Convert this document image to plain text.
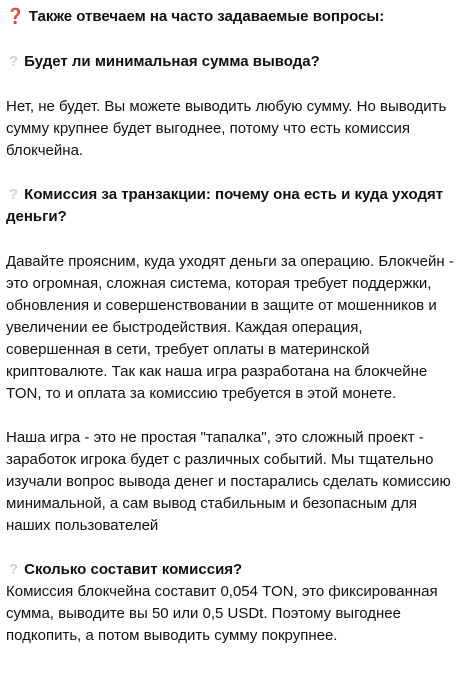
❓ Также отвечаем на часто задаваемые вопросы:

? Будет ли минимальная сумма вывода?

Нет, не будет. Вы можете выводить любую сумму. Но выводить сумму крупнее будет выгоднее, потому что есть комиссия блокчейна.

? Комиссия за транзакции: почему она есть и куда уходят деньги?

Давайте проясним, куда уходят деньги за операцию. Блокчейн - это огромная, сложная система, которая требует поддержки, обновления и совершенствовании в защите от мошенников и увеличении ее быстродействия. Каждая операция, совершенная в сети, требует оплаты в материнской криптовалюте. Так как наша игра разработана на блокчейне TON, то и оплата за комиссию требуется в этой монете.

Наша игра - это не простая "тапалка", это сложный проект - заработок игрока будет с различных событий. Мы тщательно изучали вопрос вывода денег и постарались сделать комиссию минимальной, а сам вывод стабильным и безопасным для наших пользователей

? Сколько составит комиссия?

Комиссия блокчейна составит 0,054 TON, это фиксированная сумма, выводите вы 50 или 0,5 USDt. Поэтому выгоднее подкопить, а потом выводить сумму покрупнее.
